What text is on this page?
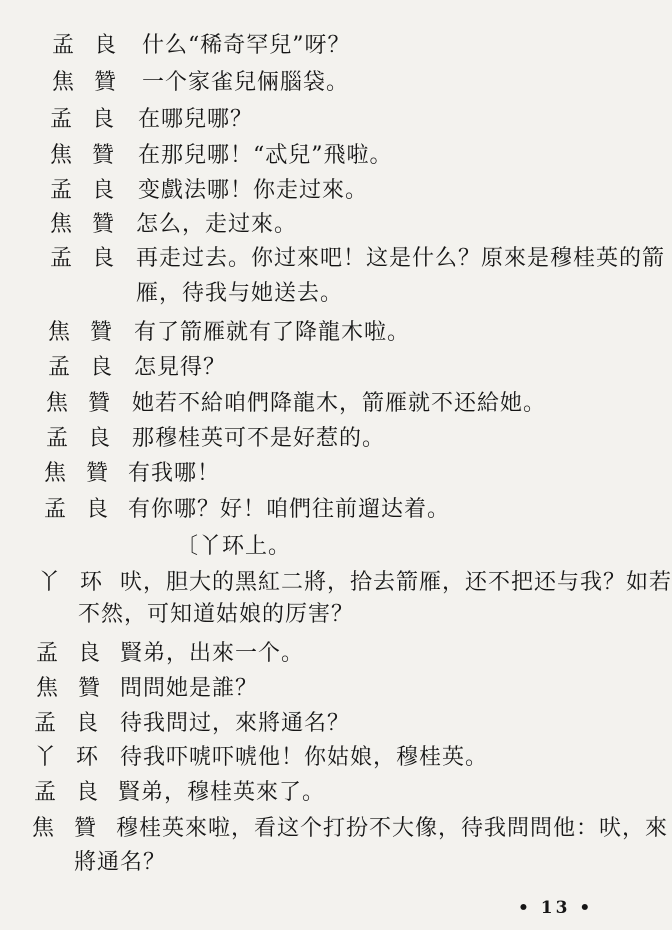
孟 良 什么“稀奇罕兒”呀？
焦 贊 一个家雀兒倆腦袋。
孟 良 在哪兒哪？
焦 贊 在那兒哪！“忒兒”飛啦。
孟 良 变戲法哪！你走过來。
焦 贊 怎么，走过來。
孟 良 再走过去。你过來吧！这是什么？原來是穆桂英的箭
雁，待我与她送去。
焦 贊 有了箭雁就有了降龍木啦。
孟 良 怎見得？
焦 贊 她若不給咱們降龍木，箭雁就不还給她。
孟 良 那穆桂英可不是好惹的。
焦 贊 有我哪！
孟 良 有你哪？好！咱們往前遛达着。
〔丫环上。
丫 环 吠，胆大的黑紅二將，拾去箭雁，还不把还与我？如若
不然，可知道姑娘的厉害？
孟 良 賢弟，出來一个。
焦 贊 問問她是誰？
孟 良 待我問过，來將通名？
丫 环 待我吓唬吓唬他！你姑娘，穆桂英。
孟 良 賢弟，穆桂英來了。
焦 贊 穆桂英來啦，看这个打扮不大像，待我問問他：吠，來
將通名？
• 13 •
